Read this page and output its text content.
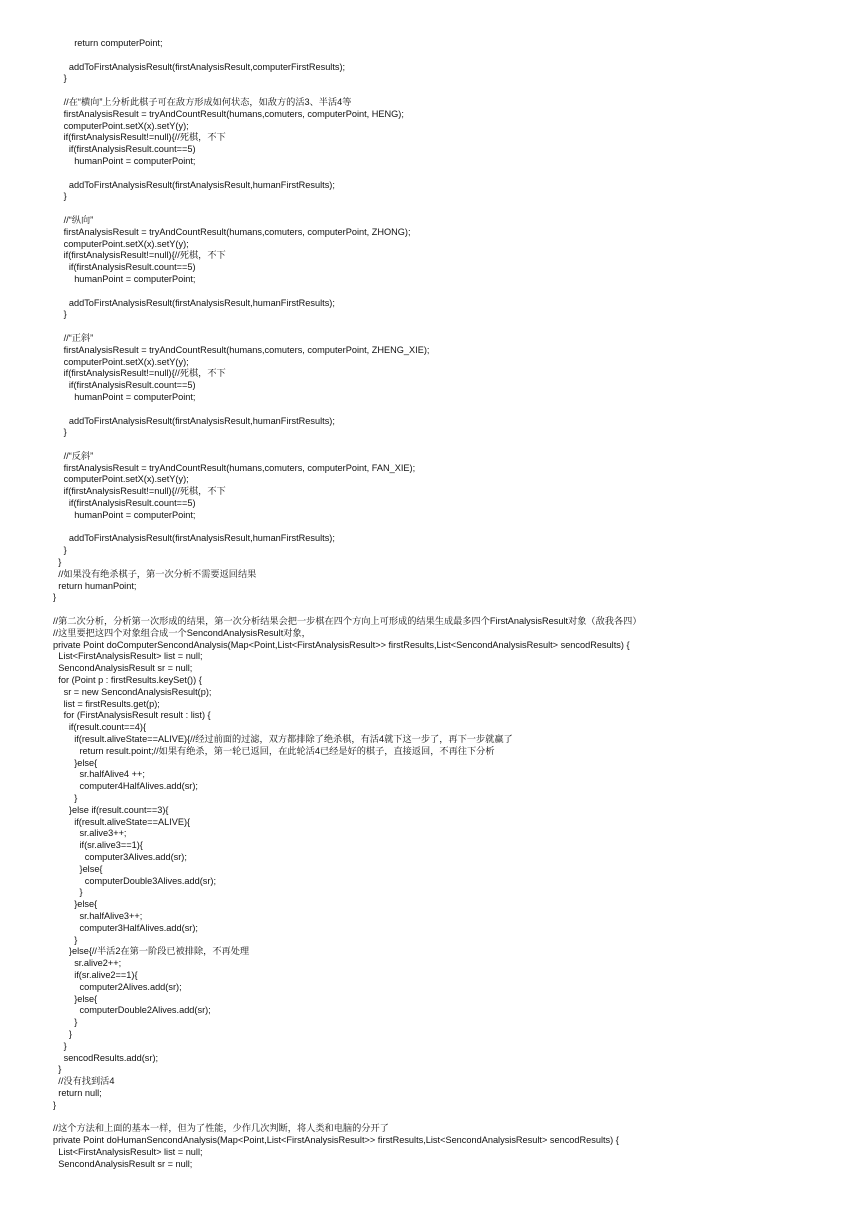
return computerPoint;
addToFirstAnalysisResult(firstAnalysisResult,computerFirstResults);
}
//在“横向”上分析此棋子可在敌方形成如何状态，如敌方的活3、半活4等
firstAnalysisResult = tryAndCountResult(humans,comuters, computerPoint, HENG);
computerPoint.setX(x).setY(y);
if(firstAnalysisResult!=null){//死棋，不下
if(firstAnalysisResult.count==5)
humanPoint = computerPoint;
addToFirstAnalysisResult(firstAnalysisResult,humanFirstResults);
}
//“纵向”
firstAnalysisResult = tryAndCountResult(humans,comuters, computerPoint, ZHONG);
computerPoint.setX(x).setY(y);
if(firstAnalysisResult!=null){//死棋，不下
if(firstAnalysisResult.count==5)
humanPoint = computerPoint;
addToFirstAnalysisResult(firstAnalysisResult,humanFirstResults);
}
//“正斜”
firstAnalysisResult = tryAndCountResult(humans,comuters, computerPoint, ZHENG_XIE);
computerPoint.setX(x).setY(y);
if(firstAnalysisResult!=null){//死棋，不下
if(firstAnalysisResult.count==5)
humanPoint = computerPoint;
addToFirstAnalysisResult(firstAnalysisResult,humanFirstResults);
}
//“反斜”
firstAnalysisResult = tryAndCountResult(humans,comuters, computerPoint, FAN_XIE);
computerPoint.setX(x).setY(y);
if(firstAnalysisResult!=null){//死棋，不下
if(firstAnalysisResult.count==5)
humanPoint = computerPoint;
addToFirstAnalysisResult(firstAnalysisResult,humanFirstResults);
}
}
//如果没有绝杀棋子，第一次分析不需要返回结果
return humanPoint;
}
//第二次分析，分析第一次形成的结果，第一次分析结果会把一步棋在四个方向上可形成的结果生成最多四个FirstAnalysisResult对象（敌我各四）
//这里要把这四个对象组合成一个SencondAnalysisResult对象，
private Point doComputerSencondAnalysis(Map<Point,List<FirstAnalysisResult>> firstResults,List<SencondAnalysisResult> sencodResults) {
List<FirstAnalysisResult> list = null;
SencondAnalysisResult sr = null;
for (Point p : firstResults.keySet()) {
sr = new SencondAnalysisResult(p);
list = firstResults.get(p);
for (FirstAnalysisResult result : list) {
if(result.count==4){
if(result.aliveState==ALIVE){//经过前面的过滤，双方都排除了绝杀棋，有活4就下这一步了，再下一步就赢了
return result.point;//如果有绝杀，第一轮已返回，在此轮活4已经是好的棋子，直接返回，不再往下分析
}else{
sr.halfAlive4 ++;
computer4HalfAlives.add(sr);
}
}else if(result.count==3){
if(result.aliveState==ALIVE){
sr.alive3++;
if(sr.alive3==1){
computer3Alives.add(sr);
}else{
computerDouble3Alives.add(sr);
}
}else{
sr.halfAlive3++;
computer3HalfAlives.add(sr);
}
}else{//半活2在第一阶段已被排除，不再处理
sr.alive2++;
if(sr.alive2==1){
computer2Alives.add(sr);
}else{
computerDouble2Alives.add(sr);
}
}
}
sencodResults.add(sr);
}
//没有找到活4
return null;
}
//这个方法和上面的基本一样，但为了性能，少作几次判断，将人类和电脑的分开了
private Point doHumanSencondAnalysis(Map<Point,List<FirstAnalysisResult>> firstResults,List<SencondAnalysisResult> sencodResults) {
List<FirstAnalysisResult> list = null;
SencondAnalysisResult sr = null;
